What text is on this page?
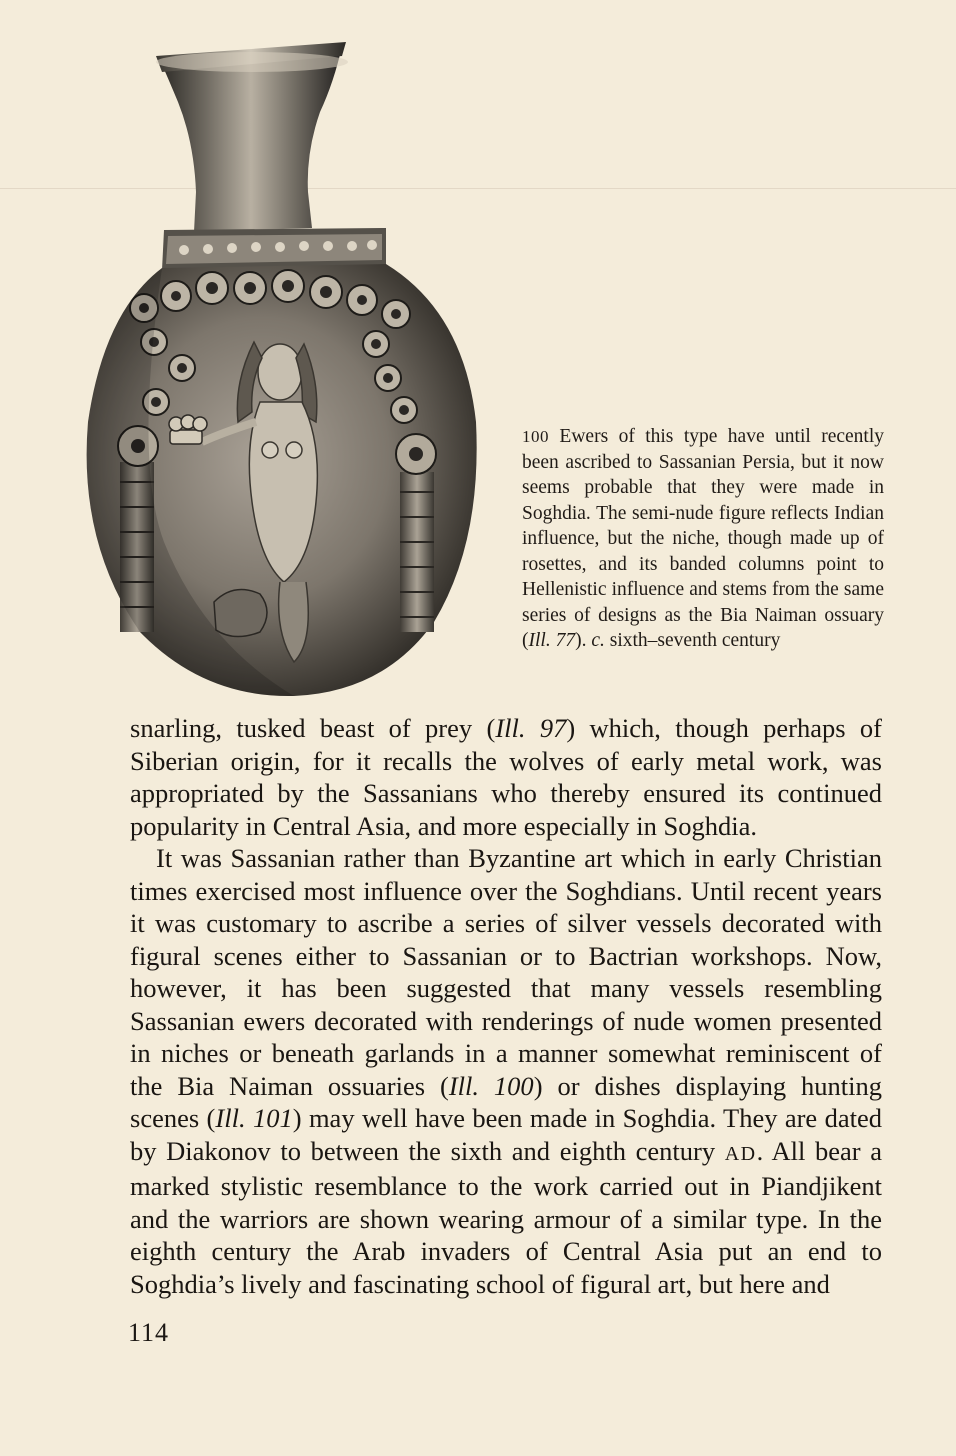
100 Ewers of this type have until recently been ascribed to Sassanian Persia, but it now seems probable that they were made in Soghdia. The semi-nude figure reflects Indian influence, but the niche, though made up of rosettes, and its banded columns point to Hellenistic influence and stems from the same series of designs as the Bia Naiman ossuary (Ill. 77). c. sixth–seventh century

snarling, tusked beast of prey (Ill. 97) which, though perhaps of Siberian origin, for it recalls the wolves of early metal work, was appropriated by the Sassanians who thereby ensured its continued popularity in Central Asia, and more especially in Soghdia.

It was Sassanian rather than Byzantine art which in early Christian times exercised most influence over the Soghdians. Until recent years it was customary to ascribe a series of silver vessels decorated with figural scenes either to Sassanian or to Bactrian workshops. Now, however, it has been suggested that many vessels resembling Sassanian ewers decorated with renderings of nude women presented in niches or beneath garlands in a manner somewhat reminiscent of the Bia Naiman ossuaries (Ill. 100) or dishes displaying hunting scenes (Ill. 101) may well have been made in Soghdia. They are dated by Diakonov to between the sixth and eighth century AD. All bear a marked stylistic resemblance to the work carried out in Piandjikent and the warriors are shown wearing armour of a similar type. In the eighth century the Arab invaders of Central Asia put an end to Soghdia’s lively and fascinating school of figural art, but here and

114
